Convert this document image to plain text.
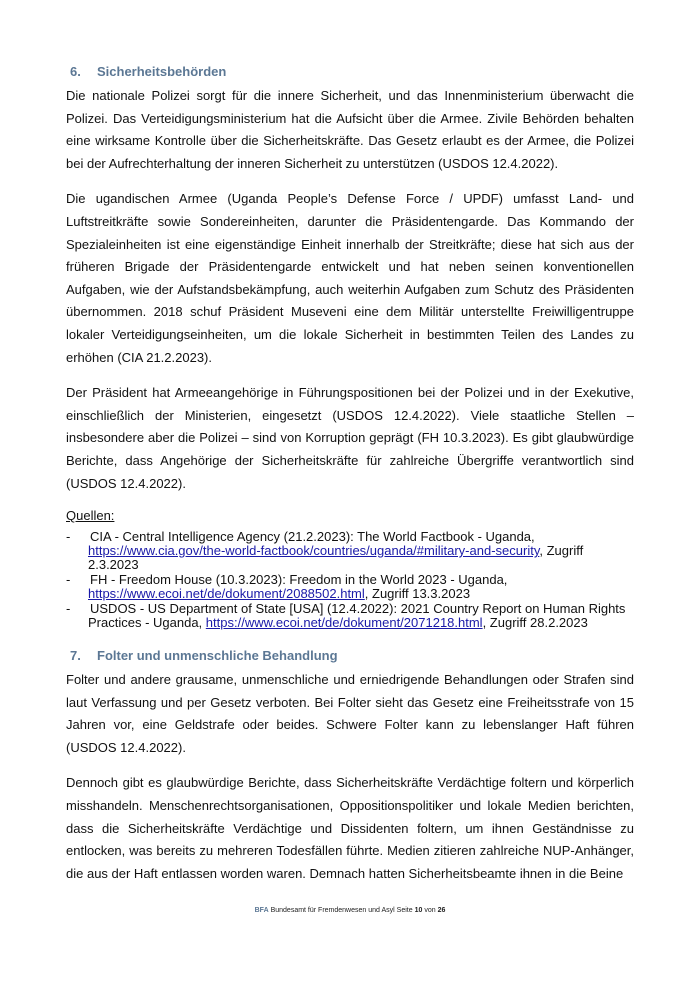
6.	Sicherheitsbehörden

Die nationale Polizei sorgt für die innere Sicherheit, und das Innenministerium überwacht die Polizei. Das Verteidigungsministerium hat die Aufsicht über die Armee. Zivile Behörden behalten eine wirksame Kontrolle über die Sicherheitskräfte. Das Gesetz erlaubt es der Armee, die Polizei bei der Aufrechterhaltung der inneren Sicherheit zu unterstützen (USDOS 12.4.2022).

Die ugandischen Armee (Uganda People’s Defense Force / UPDF) umfasst Land- und Luftstreitkräfte sowie Sondereinheiten, darunter die Präsidentengarde. Das Kommando der Spezialeinheiten ist eine eigenständige Einheit innerhalb der Streitkräfte; diese hat sich aus der früheren Brigade der Präsidentengarde entwickelt und hat neben seinen konventionellen Aufgaben, wie der Aufstandsbekämpfung, auch weiterhin Aufgaben zum Schutz des Präsidenten übernommen. 2018 schuf Präsident Museveni eine dem Militär unterstellte Freiwilligentruppe lokaler Verteidigungseinheiten, um die lokale Sicherheit in bestimmten Teilen des Landes zu erhöhen (CIA 21.2.2023).

Der Präsident hat Armeeangehörige in Führungspositionen bei der Polizei und in der Exekutive, einschließlich der Ministerien, eingesetzt (USDOS 12.4.2022). Viele staatliche Stellen – insbesondere aber die Polizei – sind von Korruption geprägt (FH 10.3.2023). Es gibt glaubwürdige Berichte, dass Angehörige der Sicherheitskräfte für zahlreiche Übergriffe verantwortlich sind (USDOS 12.4.2022).

Quellen:
- CIA - Central Intelligence Agency (21.2.2023): The World Factbook - Uganda,
https://www.cia.gov/the-world-factbook/countries/uganda/#military-and-security, Zugriff 2.3.2023
- FH - Freedom House (10.3.2023): Freedom in the World 2023 - Uganda,
https://www.ecoi.net/de/dokument/2088502.html, Zugriff 13.3.2023
- USDOS - US Department of State [USA] (12.4.2022): 2021 Country Report on Human Rights Practices - Uganda, https://www.ecoi.net/de/dokument/2071218.html, Zugriff 28.2.2023
7.	Folter und unmenschliche Behandlung

Folter und andere grausame, unmenschliche und erniedrigende Behandlungen oder Strafen sind laut Verfassung und per Gesetz verboten. Bei Folter sieht das Gesetz eine Freiheitsstrafe von 15 Jahren vor, eine Geldstrafe oder beides. Schwere Folter kann zu lebenslanger Haft führen (USDOS 12.4.2022).

Dennoch gibt es glaubwürdige Berichte, dass Sicherheitskräfte Verdächtige foltern und körperlich misshandeln. Menschenrechtsorganisationen, Oppositionspolitiker und lokale Medien berichten, dass die Sicherheitskräfte Verdächtige und Dissidenten foltern, um ihnen Geständnisse zu entlocken, was bereits zu mehreren Todesfällen führte. Medien zitieren zahlreiche NUP-Anhänger, die aus der Haft entlassen worden waren. Demnach hatten Sicherheitsbeamte ihnen in die Beine

BFA Bundesamt für Fremdenwesen und Asyl Seite 10 von 26
